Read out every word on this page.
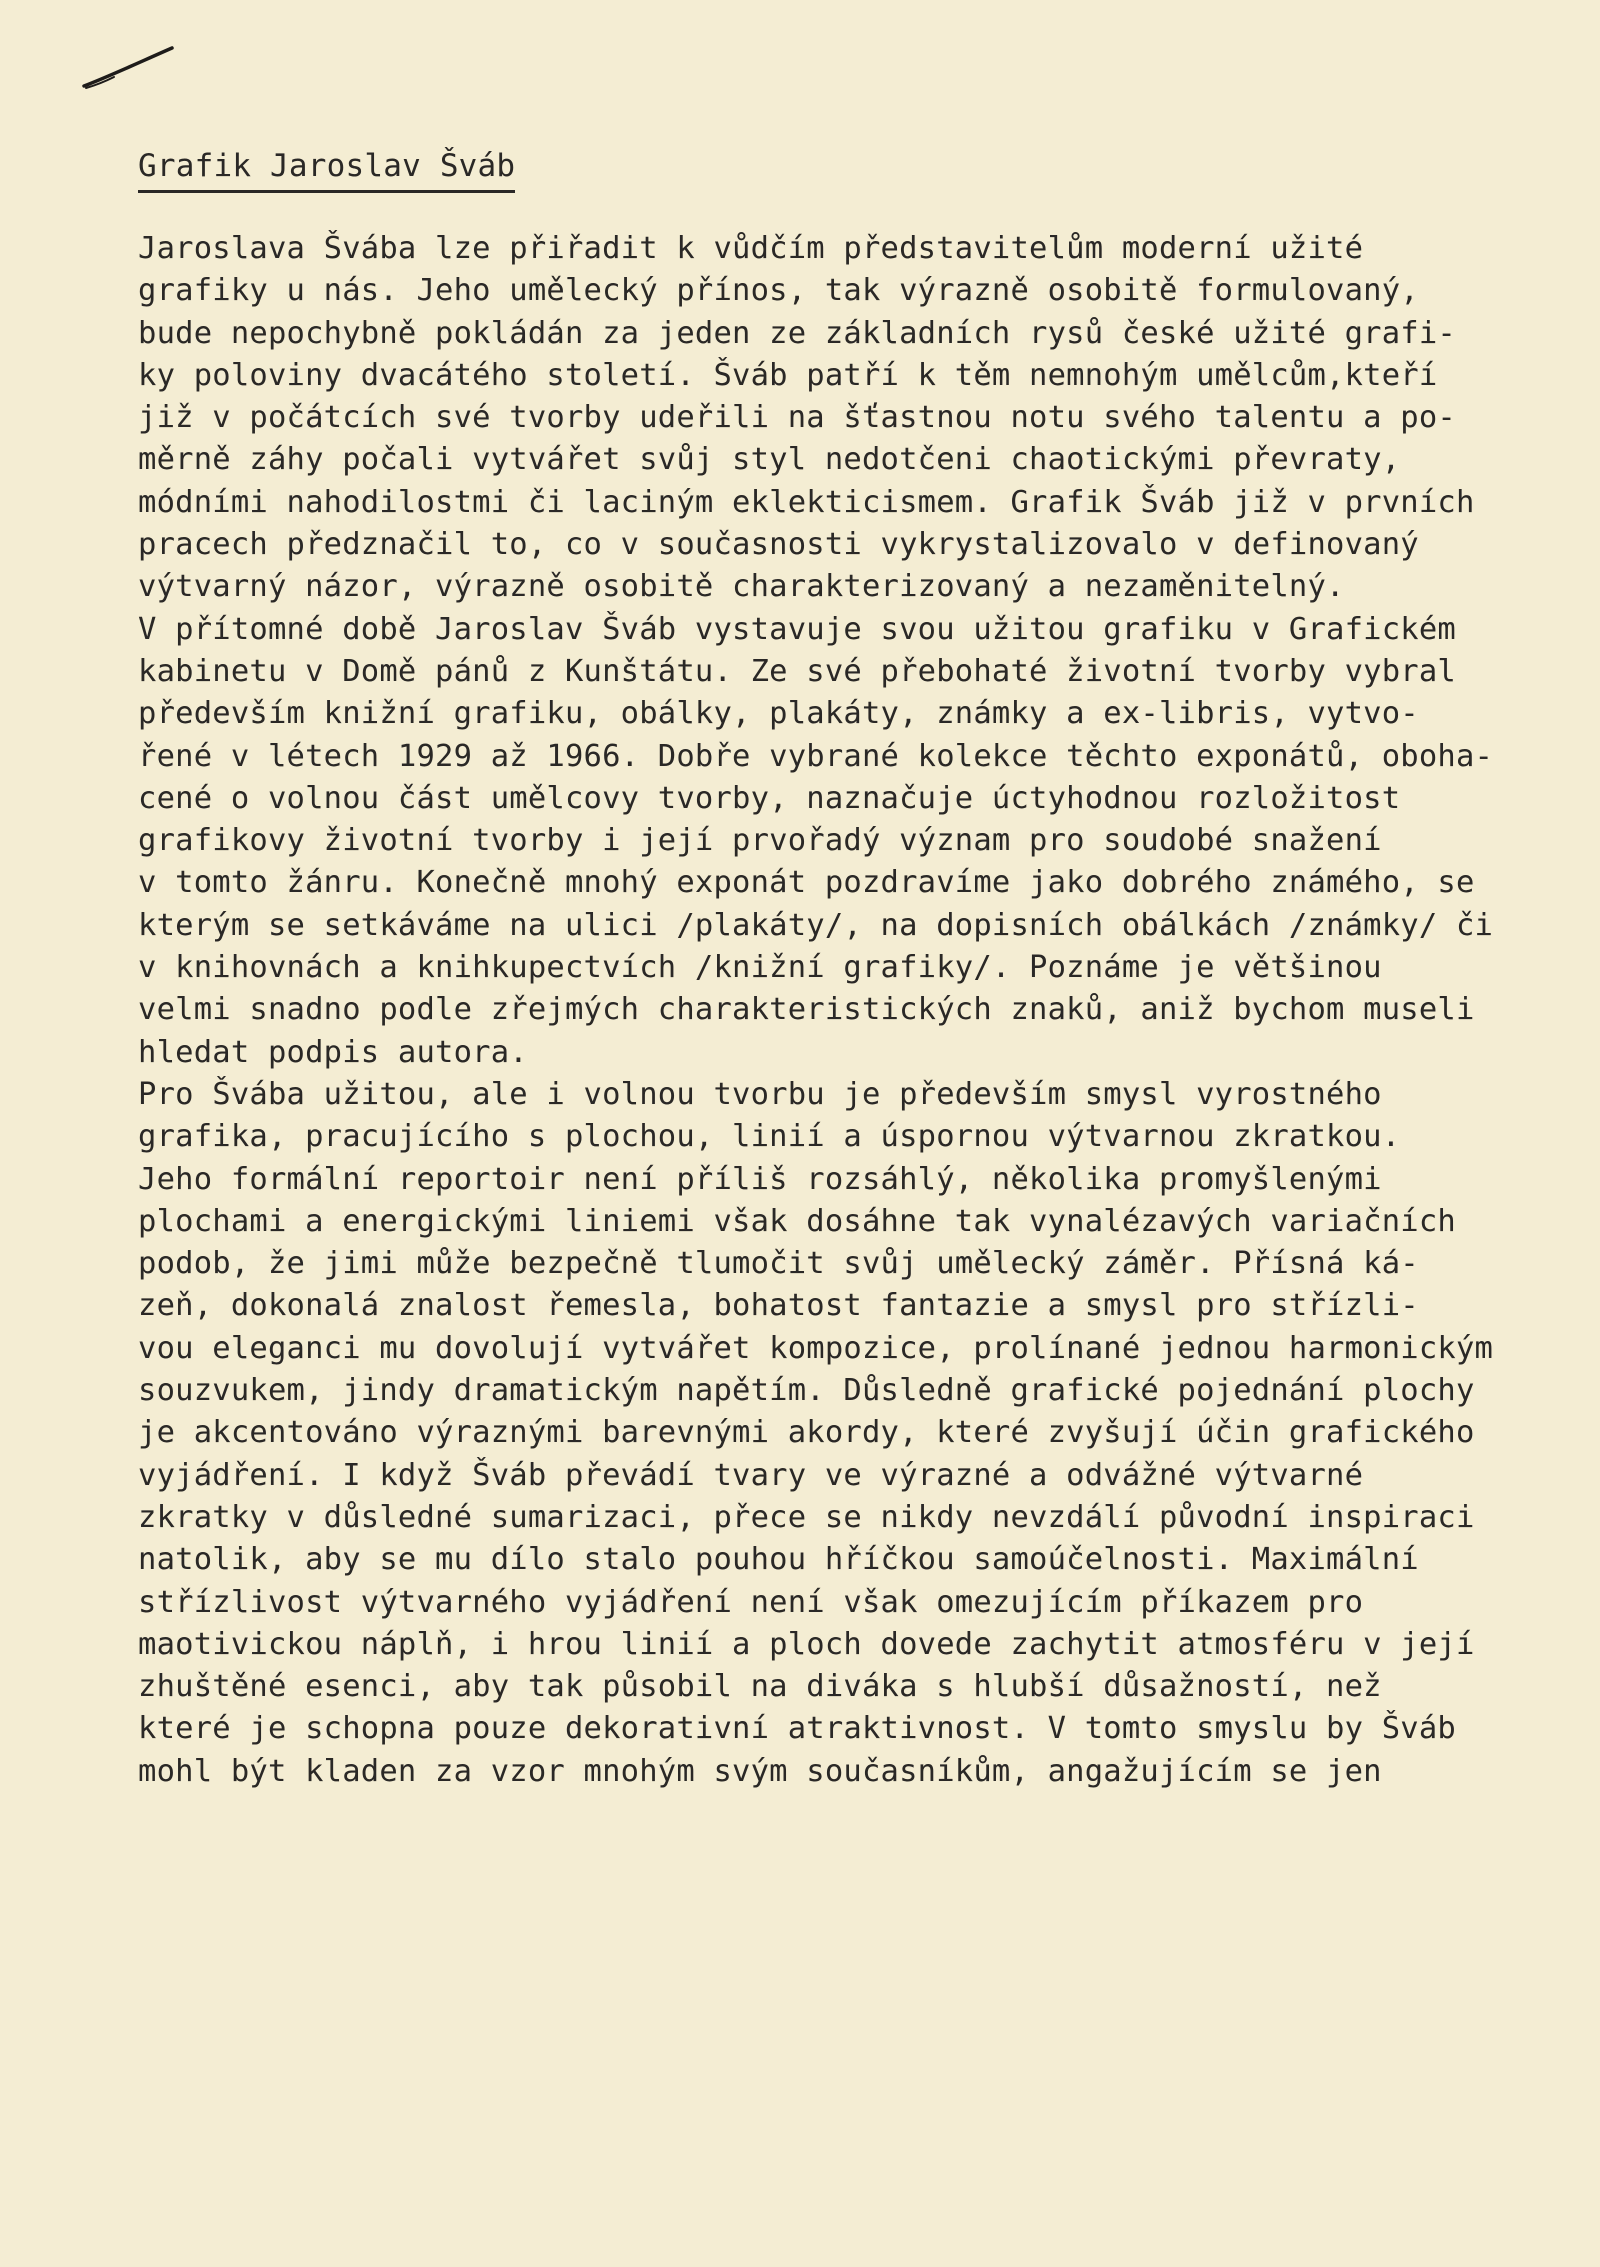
Grafik Jaroslav Šváb
Jaroslava Švába lze přiřadit k vůdčím představitelům moderní užité
grafiky u nás. Jeho umělecký přínos, tak výrazně osobitě formulovaný,
bude nepochybně pokládán za jeden ze základních rysů české užité grafi-
ky poloviny dvacátého století. Šváb patří k těm nemnohým umělcům,kteří
již v počátcích své tvorby udeřili na šťastnou notu svého talentu a po-
měrně záhy počali vytvářet svůj styl nedotčeni chaotickými převraty,
módními nahodilostmi či laciným eklekticismem. Grafik Šváb již v prvních
pracech předznačil to, co v současnosti vykrystalizovalo v definovaný
výtvarný názor, výrazně osobitě charakterizovaný a nezaměnitelný.
V přítomné době Jaroslav Šváb vystavuje svou užitou grafiku v Grafickém
kabinetu v Domě pánů z Kunštátu. Ze své přebohaté životní tvorby vybral
především knižní grafiku, obálky, plakáty, známky a ex-libris, vytvo-
řené v létech 1929 až 1966. Dobře vybrané kolekce těchto exponátů, oboha-
cené o volnou část umělcovy tvorby, naznačuje úctyhodnou rozložitost
grafikovy životní tvorby i její prvořadý význam pro soudobé snažení
v tomto žánru. Konečně mnohý exponát pozdravíme jako dobrého známého, se
kterým se setkáváme na ulici /plakáty/, na dopisních obálkách /známky/ či
v knihovnách a knihkupectvích /knižní grafiky/. Poznáme je většinou
velmi snadno podle zřejmých charakteristických znaků, aniž bychom museli
hledat podpis autora.
Pro Švába užitou, ale i volnou tvorbu je především smysl vyrostného
grafika, pracujícího s plochou, linií a úspornou výtvarnou zkratkou.
Jeho formální reportoir není příliš rozsáhlý, několika promyšlenými
plochami a energickými liniemi však dosáhne tak vynalézavých variačních
podob, že jimi může bezpečně tlumočit svůj umělecký záměr. Přísná ká-
zeň, dokonalá znalost řemesla, bohatost fantazie a smysl pro střízli-
vou eleganci mu dovolují vytvářet kompozice, prolínané jednou harmonickým
souzvukem, jindy dramatickým napětím. Důsledně grafické pojednání plochy
je akcentováno výraznými barevnými akordy, které zvyšují účin grafického
vyjádření. I když Šváb převádí tvary ve výrazné a odvážné výtvarné
zkratky v důsledné sumarizaci, přece se nikdy nevzdálí původní inspiraci
natolik, aby se mu dílo stalo pouhou hříčkou samoúčelnosti. Maximální
střízlivost výtvarného vyjádření není však omezujícím příkazem pro
maotivickou náplň, i hrou linií a ploch dovede zachytit atmosféru v její
zhuštěné esenci, aby tak působil na diváka s hlubší důsažností, než
které je schopna pouze dekorativní atraktivnost. V tomto smyslu by Šváb
mohl být kladen za vzor mnohým svým současníkům, angažujícím se jen
